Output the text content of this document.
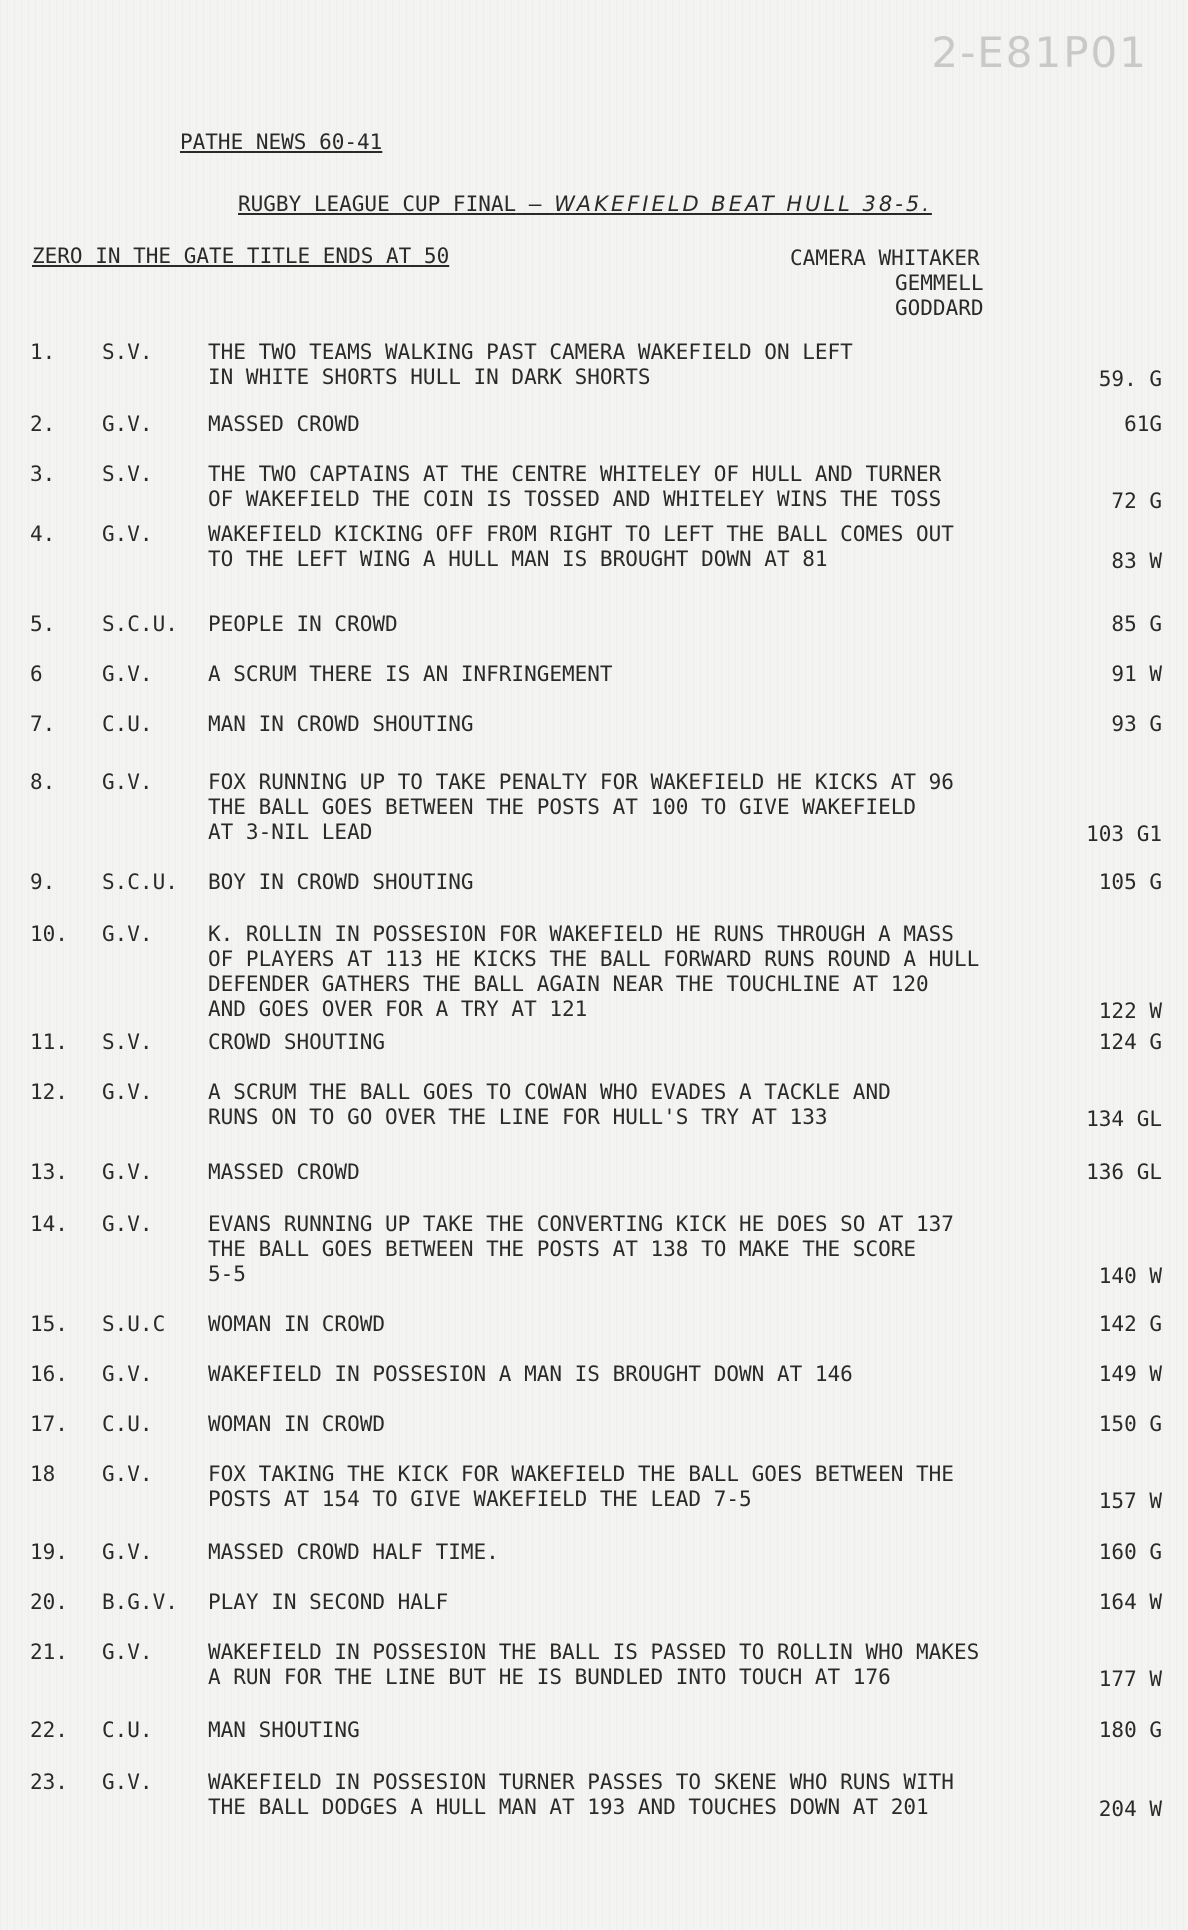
2-E81P01
PATHE NEWS 60-41
RUGBY LEAGUE CUP FINAL – WAKEFIELD BEAT HULL 38-5.
ZERO IN THE GATE TITLE ENDS AT 50	CAMERA WHITAKER
GEMMELL
GODDARD
1.	S.V.	THE TWO TEAMS WALKING PAST CAMERA WAKEFIELD ON LEFT
IN WHITE SHORTS HULL IN DARK SHORTS	59. G
2.	G.V.	MASSED CROWD	61G
3.	S.V.	THE TWO CAPTAINS AT THE CENTRE WHITELEY OF HULL AND TURNER
OF WAKEFIELD THE COIN IS TOSSED AND WHITELEY WINS THE TOSS	72 G
4.	G.V.	WAKEFIELD KICKING OFF FROM RIGHT TO LEFT THE BALL COMES OUT
TO THE LEFT WING A HULL MAN IS BROUGHT DOWN AT 81	83 W
5.	S.C.U.	PEOPLE IN CROWD	85 G
6	G.V.	A SCRUM THERE IS AN INFRINGEMENT	91 W
7.	C.U.	MAN IN CROWD SHOUTING	93 G
8.	G.V.	FOX RUNNING UP TO TAKE PENALTY FOR WAKEFIELD HE KICKS AT 96
THE BALL GOES BETWEEN THE POSTS AT 100 TO GIVE WAKEFIELD
AT 3-NIL LEAD	103 G1
9.	S.C.U.	BOY IN CROWD SHOUTING	105 G
10.	G.V.	K. ROLLIN IN POSSESION FOR WAKEFIELD HE RUNS THROUGH A MASS
OF PLAYERS AT 113 HE KICKS THE BALL FORWARD RUNS ROUND A HULL
DEFENDER GATHERS THE BALL AGAIN NEAR THE TOUCHLINE AT 120
AND GOES OVER FOR A TRY AT 121	122 W
11.	S.V.	CROWD SHOUTING	124 G
12.	G.V.	A SCRUM THE BALL GOES TO COWAN WHO EVADES A TACKLE AND
RUNS ON TO GO OVER THE LINE FOR HULL'S TRY AT 133	134 GL
13.	G.V.	MASSED CROWD	136 GL
14.	G.V.	EVANS RUNNING UP TAKE THE CONVERTING KICK HE DOES SO AT 137
THE BALL GOES BETWEEN THE POSTS AT 138 TO MAKE THE SCORE
5-5	140 W
15.	S.U.C	WOMAN IN CROWD	142 G
16.	G.V.	WAKEFIELD IN POSSESION A MAN IS BROUGHT DOWN AT 146	149 W
17.	C.U.	WOMAN IN CROWD	150 G
18	G.V.	FOX TAKING THE KICK FOR WAKEFIELD THE BALL GOES BETWEEN THE
POSTS AT 154 TO GIVE WAKEFIELD THE LEAD 7-5	157 W
19.	G.V.	MASSED CROWD HALF TIME.	160 G
20.	B.G.V.	PLAY IN SECOND HALF	164 W
21.	G.V.	WAKEFIELD IN POSSESION THE BALL IS PASSED TO ROLLIN WHO MAKES
A RUN FOR THE LINE BUT HE IS BUNDLED INTO TOUCH AT 176	177 W
22.	C.U.	MAN SHOUTING	180 G
23.	G.V.	WAKEFIELD IN POSSESION TURNER PASSES TO SKENE WHO RUNS WITH
THE BALL DODGES A HULL MAN AT 193 AND TOUCHES DOWN AT 201	204 W
